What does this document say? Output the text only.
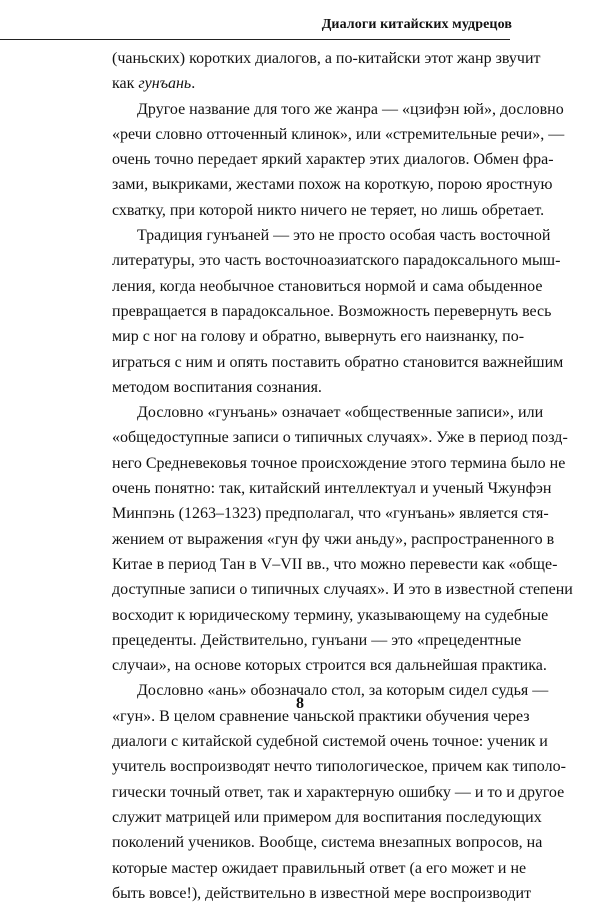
Диалоги китайских мудрецов

(чаньских) коротких диалогов, а по-китайски этот жанр звучит
как гунъань.

Другое название для того же жанра — «цзифэн юй», дословно
«речи словно отточенный клинок», или «стремительные речи», —
очень точно передает яркий характер этих диалогов. Обмен фра-
зами, выкриками, жестами похож на короткую, порою яростную
схватку, при которой никто ничего не теряет, но лишь обретает.

Традиция гунъаней — это не просто особая часть восточной
литературы, это часть восточноазиатского парадоксального мыш-
ления, когда необычное становиться нормой и сама обыденное
превращается в парадоксальное. Возможность перевернуть весь
мир с ног на голову и обратно, вывернуть его наизнанку, по-
играться с ним и опять поставить обратно становится важнейшим
методом воспитания сознания.

Дословно «гунъань» означает «общественные записи», или
«общедоступные записи о типичных случаях». Уже в период позд-
него Средневековья точное происхождение этого термина было не
очень понятно: так, китайский интеллектуал и ученый Чжунфэн
Минпэнь (1263–1323) предполагал, что «гунъань» является стя-
жением от выражения «гун фу чжи аньду», распространенного в
Китае в период Тан в V–VII вв., что можно перевести как «обще-
доступные записи о типичных случаях». И это в известной степени
восходит к юридическому термину, указывающему на судебные
прецеденты. Действительно, гунъани — это «прецедентные
случаи», на основе которых строится вся дальнейшая практика.

Дословно «ань» обозначало стол, за которым сидел судья —
«гун». В целом сравнение чаньской практики обучения через
диалоги с китайской судебной системой очень точное: ученик и
учитель воспроизводят нечто типологическое, причем как типоло-
гически точный ответ, так и характерную ошибку — и то и другое
служит матрицей или примером для воспитания последующих
поколений учеников. Вообще, система внезапных вопросов, на
которые мастер ожидает правильный ответ (а его может и не
быть вовсе!), действительно в известной мере воспроизводит

8
